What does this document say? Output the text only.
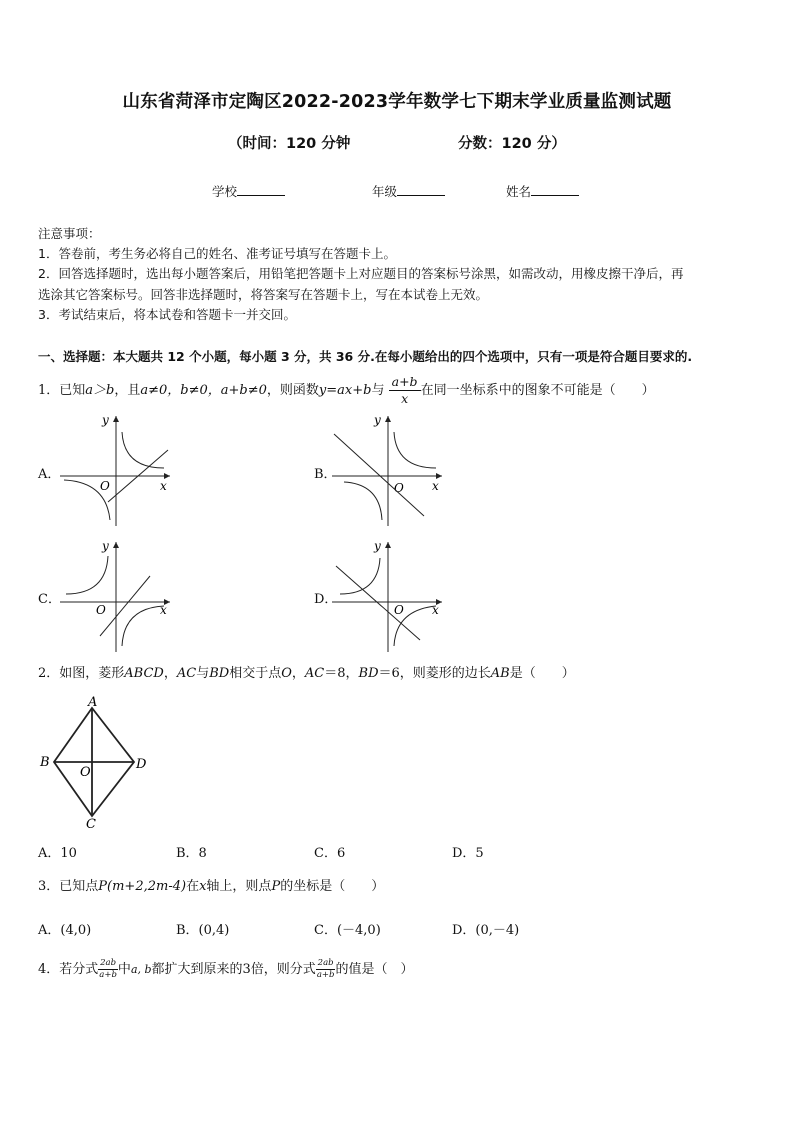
山东省菏泽市定陶区2022-2023学年数学七下期末学业质量监测试题
（时间：120 分钟	分数：120 分）
学校	年级	姓名
注意事项：
1．答卷前，考生务必将自己的姓名、准考证号填写在答题卡上。
2．回答选择题时，选出每小题答案后，用铅笔把答题卡上对应题目的答案标号涂黑，如需改动，用橡皮擦干净后，再
选涂其它答案标号。回答非选择题时，将答案写在答题卡上，写在本试卷上无效。
3．考试结束后，将本试卷和答题卡一并交回。
一、选择题：本大题共 12 个小题，每小题 3 分，共 36 分.在每小题给出的四个选项中，只有一项是符合题目要求的.
1．已知a＞b，且a≠0，b≠0，a+b≠0，则函数y=ax+b与 $\frac{a+b}{x}$ 在同一坐标系中的图象不可能是（　　）
A．
x
y
O
B．
x
y
O
C．
x
y
O
D．
x
y
O
2．如图，菱形ABCD，AC与BD相交于点O，AC＝8，BD＝6，则菱形的边长AB是（　　）
A
B
C
D
O
A．10	B．8	C．6	D．5
3．已知点P(m+2,2m-4)在x轴上，则点P的坐标是（　　）
A．(4,0)	B．(0,4)	C．(－4,0)	D．(0,－4)
4．若分式 $\frac{2ab}{a+b}$ 中a, b都扩大到原来的3倍，则分式 $\frac{2ab}{a+b}$ 的值是（　）
